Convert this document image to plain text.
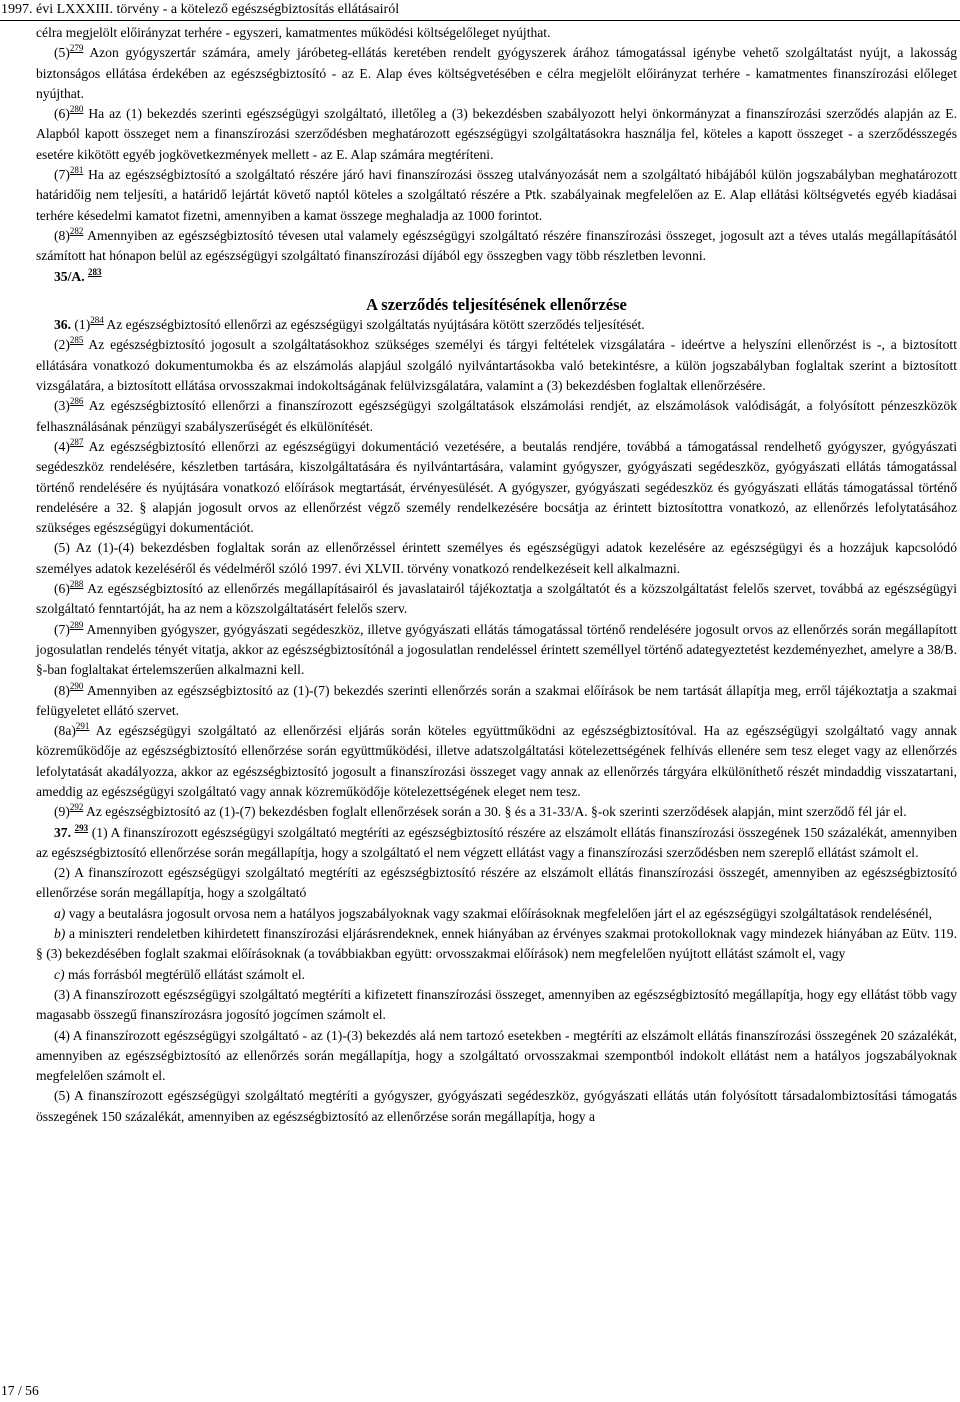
1997. évi LXXXIII. törvény - a kötelező egészségbiztosítás ellátásairól

célra megjelölt előirányzat terhére - egyszeri, kamatmentes működési költségelőleget nyújthat.

(5)$^{279}$ Azon gyógyszertár számára, amely járóbeteg-ellátás keretében rendelt gyógyszerek árához támogatással igénybe vehető szolgáltatást nyújt, a lakosság biztonságos ellátása érdekében az egészségbiztosító - az E. Alap éves költségvetésében e célra megjelölt előirányzat terhére - kamatmentes finanszírozási előleget nyújthat.

(6)$^{280}$ Ha az (1) bekezdés szerinti egészségügyi szolgáltató, illetőleg a (3) bekezdésben szabályozott helyi önkormányzat a finanszírozási szerződés alapján az E. Alapból kapott összeget nem a finanszírozási szerződésben meghatározott egészségügyi szolgáltatásokra használja fel, köteles a kapott összeget - a szerződésszegés esetére kikötött egyéb jogkövetkezmények mellett - az E. Alap számára megtéríteni.

(7)$^{281}$ Ha az egészségbiztosító a szolgáltató részére járó havi finanszírozási összeg utalványozását nem a szolgáltató hibájából külön jogszabályban meghatározott határidőig nem teljesíti, a határidő lejártát követő naptól köteles a szolgáltató részére a Ptk. szabályainak megfelelően az E. Alap ellátási költségvetés egyéb kiadásai terhére késedelmi kamatot fizetni, amennyiben a kamat összege meghaladja az 1000 forintot.

(8)$^{282}$ Amennyiben az egészségbiztosító tévesen utal valamely egészségügyi szolgáltató részére finanszírozási összeget, jogosult azt a téves utalás megállapításától számított hat hónapon belül az egészségügyi szolgáltató finanszírozási díjából egy összegben vagy több részletben levonni.

35/A. $^{283}$

A szerződés teljesítésének ellenőrzése

36. (1)$^{284}$ Az egészségbiztosító ellenőrzi az egészségügyi szolgáltatás nyújtására kötött szerződés teljesítését.

(2)$^{285}$ Az egészségbiztosító jogosult a szolgáltatásokhoz szükséges személyi és tárgyi feltételek vizsgálatára - ideértve a helyszíni ellenőrzést is -, a biztosított ellátására vonatkozó dokumentumokba és az elszámolás alapjául szolgáló nyilvántartásokba való betekintésre, a külön jogszabályban foglaltak szerint a biztosított vizsgálatára, a biztosított ellátása orvosszakmai indokoltságának felülvizsgálatára, valamint a (3) bekezdésben foglaltak ellenőrzésére.

(3)$^{286}$ Az egészségbiztosító ellenőrzi a finanszírozott egészségügyi szolgáltatások elszámolási rendjét, az elszámolások valódiságát, a folyósított pénzeszközök felhasználásának pénzügyi szabályszerűségét és elkülönítését.

(4)$^{287}$ Az egészségbiztosító ellenőrzi az egészségügyi dokumentáció vezetésére, a beutalás rendjére, továbbá a támogatással rendelhető gyógyszer, gyógyászati segédeszköz rendelésére, készletben tartására, kiszolgáltatására és nyilvántartására, valamint gyógyszer, gyógyászati segédeszköz, gyógyászati ellátás támogatással történő rendelésére és nyújtására vonatkozó előírások megtartását, érvényesülését. A gyógyszer, gyógyászati segédeszköz és gyógyászati ellátás támogatással történő rendelésére a 32. § alapján jogosult orvos az ellenőrzést végző személy rendelkezésére bocsátja az érintett biztosítottra vonatkozó, az ellenőrzés lefolytatásához szükséges egészségügyi dokumentációt.

(5) Az (1)-(4) bekezdésben foglaltak során az ellenőrzéssel érintett személyes és egészségügyi adatok kezelésére az egészségügyi és a hozzájuk kapcsolódó személyes adatok kezeléséről és védelméről szóló 1997. évi XLVII. törvény vonatkozó rendelkezéseit kell alkalmazni.

(6)$^{288}$ Az egészségbiztosító az ellenőrzés megállapításairól és javaslatairól tájékoztatja a szolgáltatót és a közszolgáltatást felelős szervet, továbbá az egészségügyi szolgáltató fenntartóját, ha az nem a közszolgáltatásért felelős szerv.

(7)$^{289}$ Amennyiben gyógyszer, gyógyászati segédeszköz, illetve gyógyászati ellátás támogatással történő rendelésére jogosult orvos az ellenőrzés során megállapított jogosulatlan rendelés tényét vitatja, akkor az egészségbiztosítónál a jogosulatlan rendeléssel érintett személlyel történő adategyeztetést kezdeményezhet, amelyre a 38/B. §-ban foglaltakat értelemszerűen alkalmazni kell.

(8)$^{290}$ Amennyiben az egészségbiztosító az (1)-(7) bekezdés szerinti ellenőrzés során a szakmai előírások be nem tartását állapítja meg, erről tájékoztatja a szakmai felügyeletet ellátó szervet.

(8a)$^{291}$ Az egészségügyi szolgáltató az ellenőrzési eljárás során köteles együttműködni az egészségbiztosítóval. Ha az egészségügyi szolgáltató vagy annak közreműködője az egészségbiztosító ellenőrzése során együttműködési, illetve adatszolgáltatási kötelezettségének felhívás ellenére sem tesz eleget vagy az ellenőrzés lefolytatását akadályozza, akkor az egészségbiztosító jogosult a finanszírozási összeget vagy annak az ellenőrzés tárgyára elkülöníthető részét mindaddig visszatartani, ameddig az egészségügyi szolgáltató vagy annak közreműködője kötelezettségének eleget nem tesz.

(9)$^{292}$ Az egészségbiztosító az (1)-(7) bekezdésben foglalt ellenőrzések során a 30. § és a 31-33/A. §-ok szerinti szerződések alapján, mint szerződő fél jár el.

37. $^{293}$ (1) A finanszírozott egészségügyi szolgáltató megtéríti az egészségbiztosító részére az elszámolt ellátás finanszírozási összegének 150 százalékát, amennyiben az egészségbiztosító ellenőrzése során megállapítja, hogy a szolgáltató el nem végzett ellátást vagy a finanszírozási szerződésben nem szereplő ellátást számolt el.

(2) A finanszírozott egészségügyi szolgáltató megtéríti az egészségbiztosító részére az elszámolt ellátás finanszírozási összegét, amennyiben az egészségbiztosító ellenőrzése során megállapítja, hogy a szolgáltató

a) vagy a beutalásra jogosult orvosa nem a hatályos jogszabályoknak vagy szakmai előírásoknak megfelelően járt el az egészségügyi szolgáltatások rendelésénél,

b) a miniszteri rendeletben kihirdetett finanszírozási eljárásrendeknek, ennek hiányában az érvényes szakmai protokolloknak vagy mindezek hiányában az Eütv. 119. § (3) bekezdésében foglalt szakmai előírásoknak (a továbbiakban együtt: orvosszakmai előírások) nem megfelelően nyújtott ellátást számolt el, vagy

c) más forrásból megtérülő ellátást számolt el.

(3) A finanszírozott egészségügyi szolgáltató megtéríti a kifizetett finanszírozási összeget, amennyiben az egészségbiztosító megállapítja, hogy egy ellátást több vagy magasabb összegű finanszírozásra jogosító jogcímen számolt el.

(4) A finanszírozott egészségügyi szolgáltató - az (1)-(3) bekezdés alá nem tartozó esetekben - megtéríti az elszámolt ellátás finanszírozási összegének 20 százalékát, amennyiben az egészségbiztosító az ellenőrzés során megállapítja, hogy a szolgáltató orvosszakmai szempontból indokolt ellátást nem a hatályos jogszabályoknak megfelelően számolt el.

(5) A finanszírozott egészségügyi szolgáltató megtéríti a gyógyszer, gyógyászati segédeszköz, gyógyászati ellátás után folyósított társadalombiztosítási támogatás összegének 150 százalékát, amennyiben az egészségbiztosító az ellenőrzése során megállapítja, hogy a

17 / 56
